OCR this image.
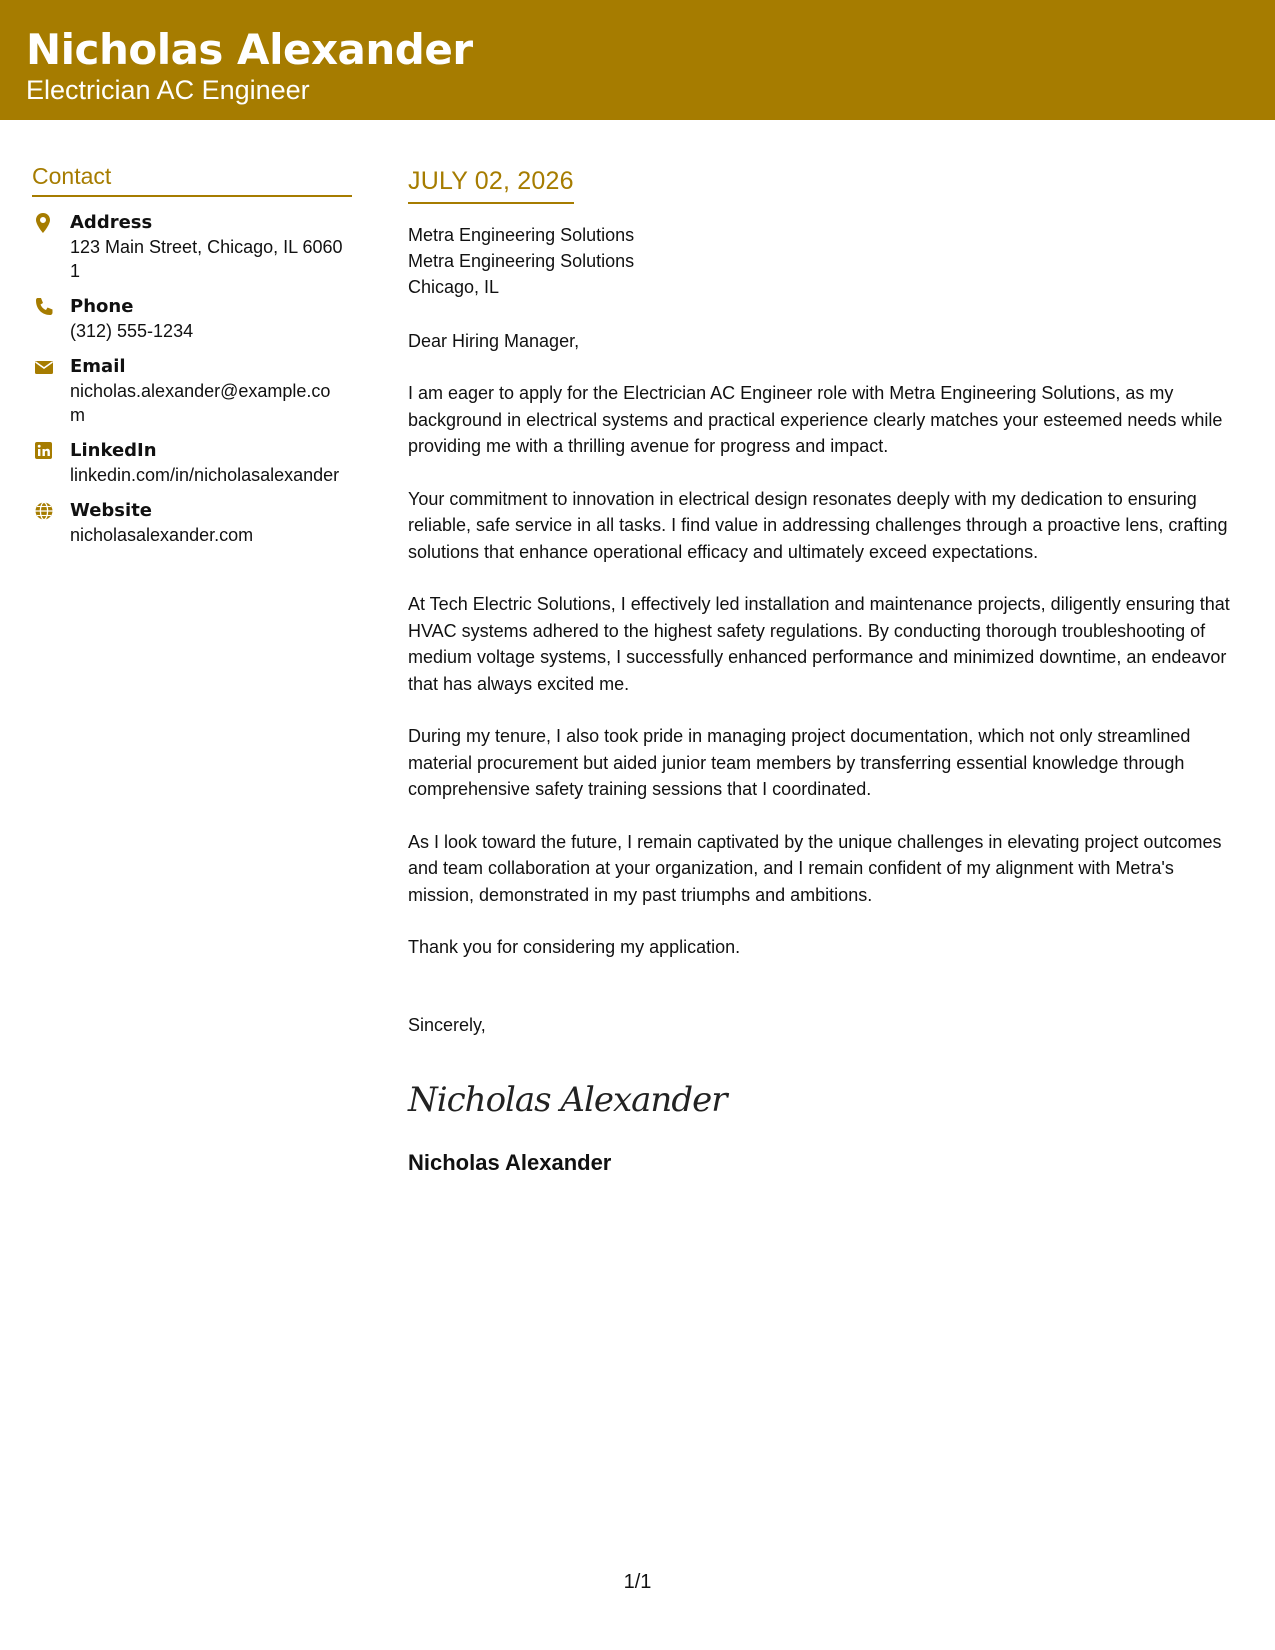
Nicholas Alexander
Electrician AC Engineer
Contact
Address
123 Main Street, Chicago, IL 60601
Phone
(312) 555-1234
Email
nicholas.alexander@example.com
LinkedIn
linkedin.com/in/nicholasalexander
Website
nicholasalexander.com
JULY 02, 2026
Metra Engineering Solutions
Metra Engineering Solutions
Chicago, IL
Dear Hiring Manager,
I am eager to apply for the Electrician AC Engineer role with Metra Engineering Solutions, as my background in electrical systems and practical experience clearly matches your esteemed needs while providing me with a thrilling avenue for progress and impact.
Your commitment to innovation in electrical design resonates deeply with my dedication to ensuring reliable, safe service in all tasks. I find value in addressing challenges through a proactive lens, crafting solutions that enhance operational efficacy and ultimately exceed expectations.
At Tech Electric Solutions, I effectively led installation and maintenance projects, diligently ensuring that HVAC systems adhered to the highest safety regulations. By conducting thorough troubleshooting of medium voltage systems, I successfully enhanced performance and minimized downtime, an endeavor that has always excited me.
During my tenure, I also took pride in managing project documentation, which not only streamlined material procurement but aided junior team members by transferring essential knowledge through comprehensive safety training sessions that I coordinated.
As I look toward the future, I remain captivated by the unique challenges in elevating project outcomes and team collaboration at your organization, and I remain confident of my alignment with Metra's mission, demonstrated in my past triumphs and ambitions.
Thank you for considering my application.
Sincerely,
Nicholas Alexander
Nicholas Alexander
1/1
